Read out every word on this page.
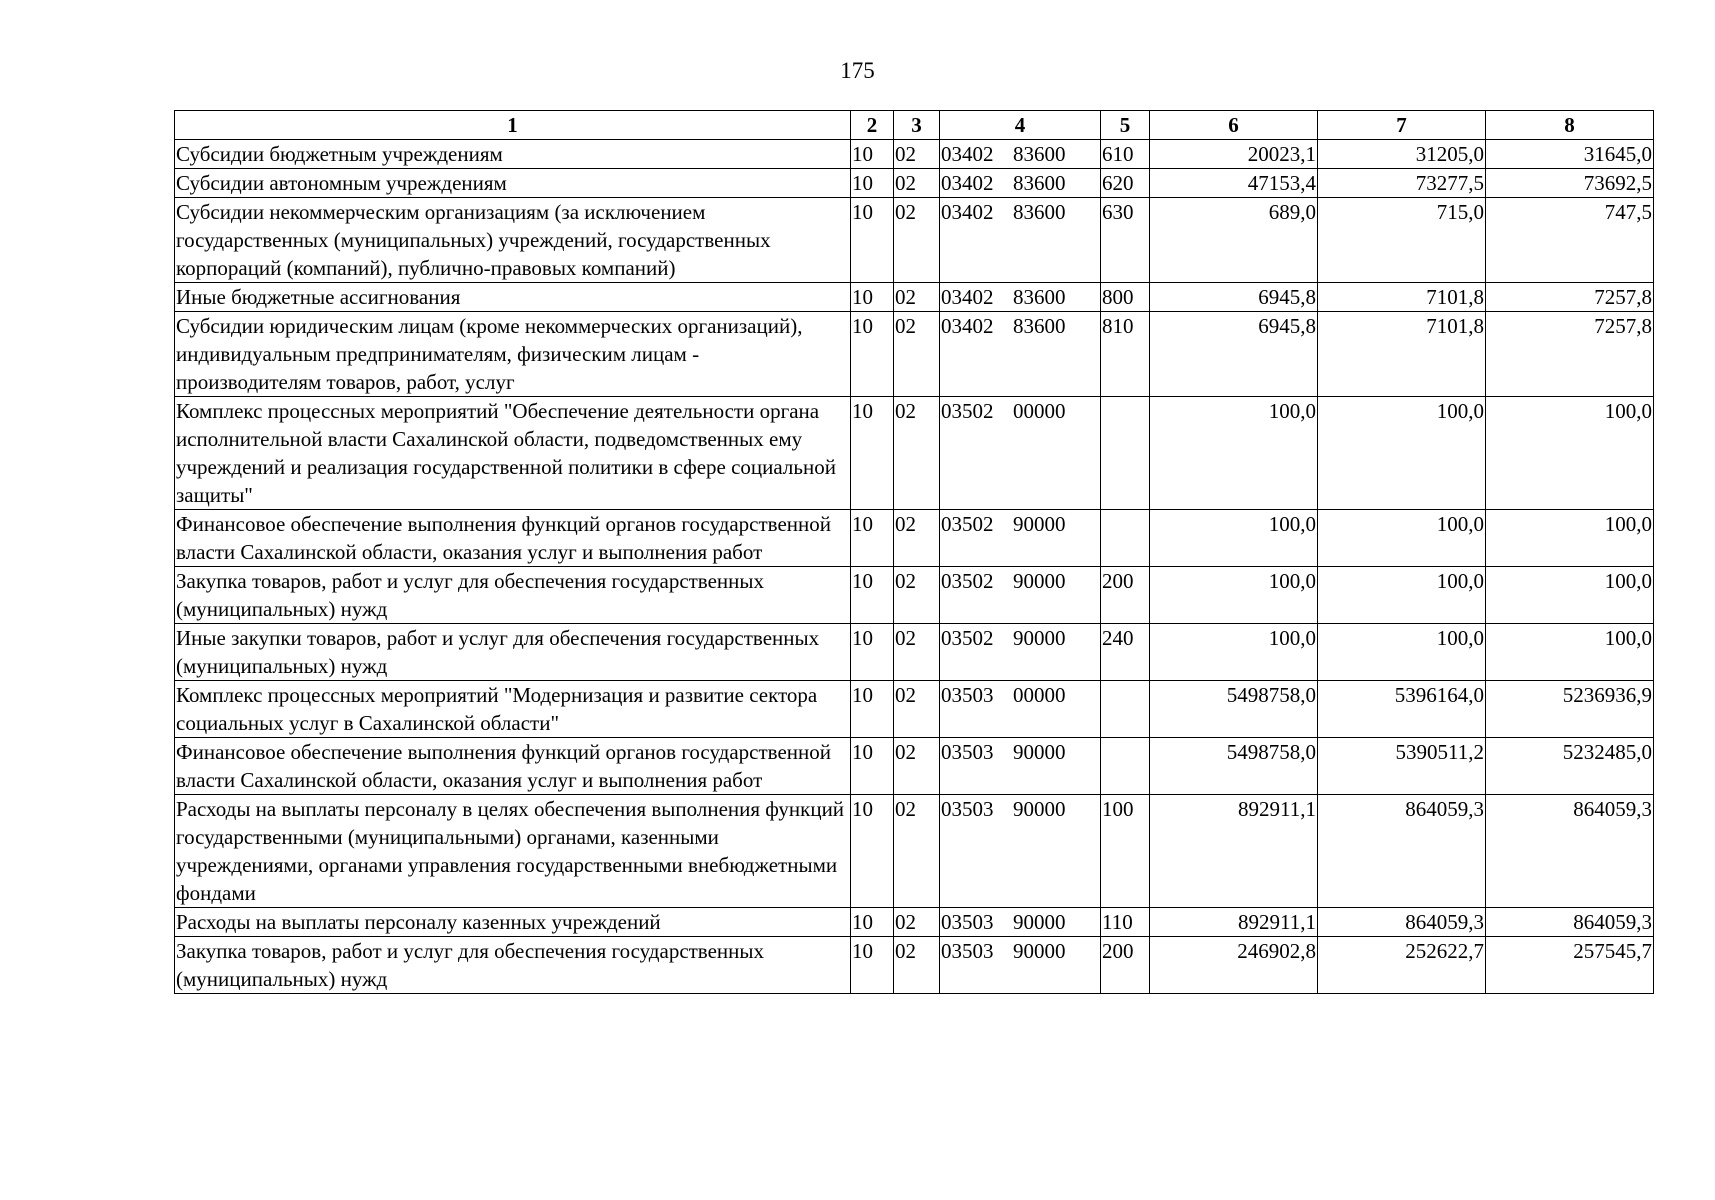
175
1	2	3	4	5	6	7	8
Субсидии бюджетным учреждениям	10	02	03402 83600	610	20023,1	31205,0	31645,0
Субсидии автономным учреждениям	10	02	03402 83600	620	47153,4	73277,5	73692,5
Субсидии некоммерческим организациям (за исключением государственных (муниципальных) учреждений, государственных корпораций (компаний), публично-правовых компаний)	10	02	03402 83600	630	689,0	715,0	747,5
Иные бюджетные ассигнования	10	02	03402 83600	800	6945,8	7101,8	7257,8
Субсидии юридическим лицам (кроме некоммерческих организаций), индивидуальным предпринимателям, физическим лицам - производителям товаров, работ, услуг	10	02	03402 83600	810	6945,8	7101,8	7257,8
Комплекс процессных мероприятий "Обеспечение деятельности органа исполнительной власти Сахалинской области, подведомственных ему учреждений и реализация государственной политики в сфере социальной защиты"	10	02	03502 00000		100,0	100,0	100,0
Финансовое обеспечение выполнения функций органов государственной власти Сахалинской области, оказания услуг и выполнения работ	10	02	03502 90000		100,0	100,0	100,0
Закупка товаров, работ и услуг для обеспечения государственных (муниципальных) нужд	10	02	03502 90000	200	100,0	100,0	100,0
Иные закупки товаров, работ и услуг для обеспечения государственных (муниципальных) нужд	10	02	03502 90000	240	100,0	100,0	100,0
Комплекс процессных мероприятий "Модернизация и развитие сектора социальных услуг в Сахалинской области"	10	02	03503 00000		5498758,0	5396164,0	5236936,9
Финансовое обеспечение выполнения функций органов государственной власти Сахалинской области, оказания услуг и выполнения работ	10	02	03503 90000		5498758,0	5390511,2	5232485,0
Расходы на выплаты персоналу в целях обеспечения выполнения функций государственными (муниципальными) органами, казенными учреждениями, органами управления государственными внебюджетными фондами	10	02	03503 90000	100	892911,1	864059,3	864059,3
Расходы на выплаты персоналу казенных учреждений	10	02	03503 90000	110	892911,1	864059,3	864059,3
Закупка товаров, работ и услуг для обеспечения государственных (муниципальных) нужд	10	02	03503 90000	200	246902,8	252622,7	257545,7
